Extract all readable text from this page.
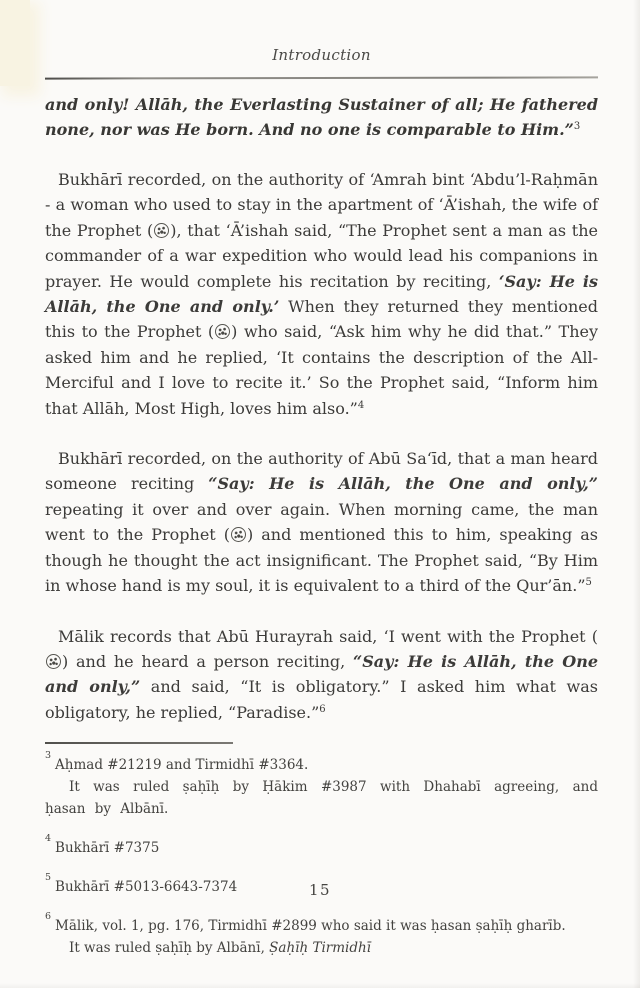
Introduction

and only! Allāh, the Everlasting Sustainer of all; He fathered none, nor was He born. And no one is comparable to Him.”$^3$

Bukhārī recorded, on the authority of ‘Amrah bint ‘Abdu’l-Raḥmān - a woman who used to stay in the apartment of ‘Ā’ishah, the wife of the Prophet ( ), that ‘Ā’ishah said, “The Prophet sent a man as the commander of a war expedition who would lead his companions in prayer. He would complete his recitation by reciting, ‘Say: He is Allāh, the One and only.’ When they returned they mentioned this to the Prophet ( ) who said, “Ask him why he did that.” They asked him and he replied, ‘It contains the description of the All-Merciful and I love to recite it.’ So the Prophet said, “Inform him that Allāh, Most High, loves him also.”$^4$

Bukhārī recorded, on the authority of Abū Sa‘īd, that a man heard someone reciting “Say: He is Allāh, the One and only,” repeating it over and over again. When morning came, the man went to the Prophet ( ) and mentioned this to him, speaking as though he thought the act insignificant. The Prophet said, “By Him in whose hand is my soul, it is equivalent to a third of the Qur’ān.”$^5$

Mālik records that Abū Hurayrah said, ‘I went with the Prophet () and he heard a person reciting, “Say: He is Allāh, the One and only,” and said, “It is obligatory.” I asked him what was obligatory, he replied, “Paradise.”$^6$

$^3$Aḥmad #21219 and Tirmidhī #3364.

It was ruled ṣaḥīḥ by Ḥākim #3987 with Dhahabī agreeing, and ḥasan by Albānī.

$^4$Bukhārī #7375

$^5$Bukhārī #5013-6643-7374

$^6$Mālik, vol. 1, pg. 176, Tirmidhī #2899 who said it was ḥasan ṣaḥīḥ gharīb.

It was ruled ṣaḥīḥ by Albānī, Ṣaḥīḥ Tirmidhī

15
